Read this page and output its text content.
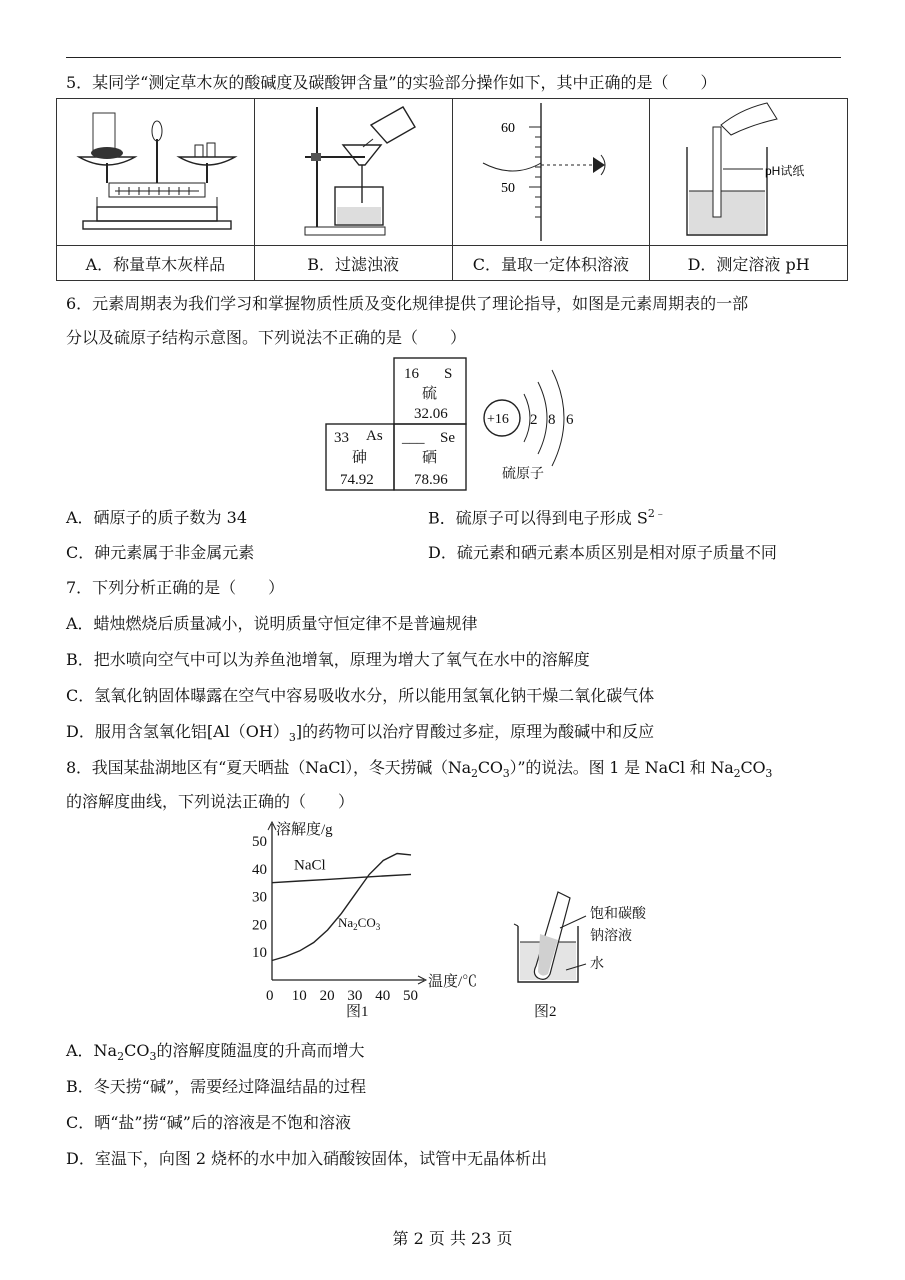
5．某同学“测定草木灰的酸碱度及碳酸钾含量”的实验部分操作如下，其中正确的是（　　）

60
50	pH试纸

A．称量草木灰样品	B．过滤浊液	C．量取一定体积溶液	D．测定溶液 pH
6．元素周期表为我们学习和掌握物质性质及变化规律提供了理论指导，如图是元素周期表的一部
分以及硫原子结构示意图。下列说法不正确的是（　　）
16 S
硫
32.06
33 As
砷
74.92
___ Se
硒
78.96
+16 2 8 6
硫原子
A．硒原子的质子数为 34	B．硫原子可以得到电子形成 $S^{2﹣}$
C．砷元素属于非金属元素	D．硫元素和硒元素本质区别是相对原子质量不同
7．下列分析正确的是（　　）
A．蜡烛燃烧后质量减小，说明质量守恒定律不是普遍规律
B．把水喷向空气中可以为养鱼池增氧，原理为增大了氧气在水中的溶解度
C．氢氧化钠固体曝露在空气中容易吸收水分，所以能用氢氧化钠干燥二氧化碳气体
D．服用含氢氧化铝$[Al(OH)_3]$的药物可以治疗胃酸过多症，原理为酸碱中和反应
8．我国某盐湖地区有“夏天晒盐（NaCl），冬天捞碱$(Na_2CO_3)$”的说法。图 1 是 NaCl 和 $Na_2CO_3$
的溶解度曲线，下列说法正确的（　　）
溶解度/g
温度/℃
0 10 20 30 40 50
10
20
30
40
50
NaCl
$Na_2CO_3$
图1
饱和碳酸
钠溶液
水
图2
A．$Na_2CO_3$的溶解度随温度的升高而增大
B．冬天捞“碱”，需要经过降温结晶的过程
C．晒“盐”捞“碱”后的溶液是不饱和溶液
D．室温下，向图 2 烧杯的水中加入硝酸铵固体，试管中无晶体析出
第 2 页 共 23 页
